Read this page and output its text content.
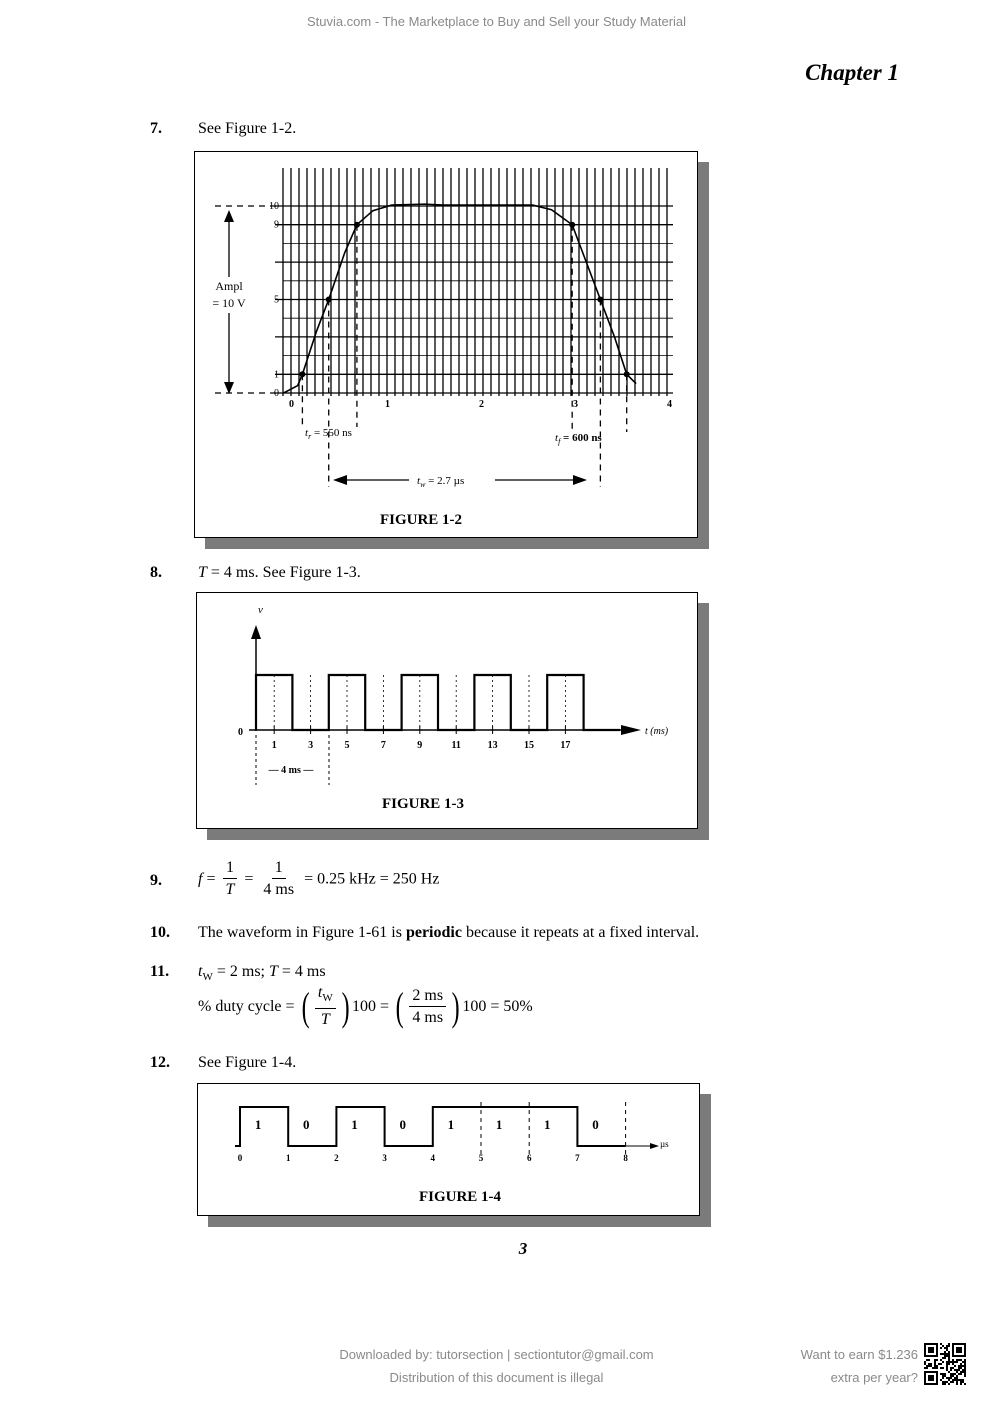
Stuvia.com - The Marketplace to Buy and Sell your Study Material
Chapter 1
7. See Figure 1-2.
Ampl
= 10 V
10
9
5
1
0
0	1	2	3	4
$t_r = 550$ ns	$t_f = 600$ ns
$t_w = 2.7$ µs
FIGURE 1-2
8. T = 4 ms. See Figure 1-3.
v
t (ms)
0
1	3	5	7	9	11	13	15	17
— 4 ms —
FIGURE 1-3
9. $f = \frac{1}{T} = \frac{1}{4 ms} = 0.25$ kHz = 250 Hz
10. The waveform in Figure 1-61 is periodic because it repeats at a fixed interval.
11. $t_W = 2$ ms; T = 4 ms
% duty cycle = ( $\frac{t_W}{T}$ ) 100 = ( $\frac{2 ms}{4 ms}$ ) 100 = 50%
12. See Figure 1-4.
µs
1	0	1	0	1	1	1	0
0	1	2	3	4	5	6	7	8
FIGURE 1-4
3
Downloaded by: tutorsection | sectiontutor@gmail.com
Distribution of this document is illegal
Want to earn $1.236
extra per year?
